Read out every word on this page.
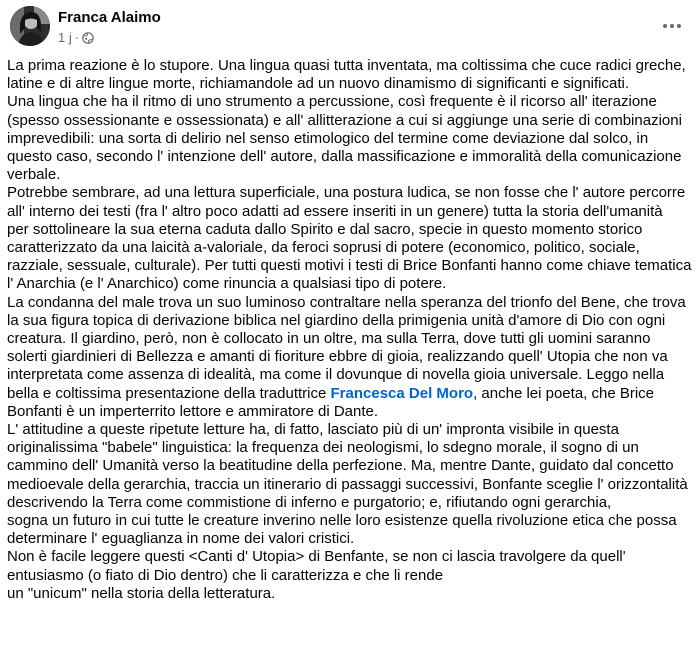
Franca Alaimo
1 j ·
La prima reazione è lo stupore. Una lingua quasi tutta inventata, ma coltissima che cuce radici greche,
latine e di altre lingue morte, richiamandole ad un nuovo dinamismo di significanti e significati.
Una lingua che ha il ritmo di uno strumento a percussione, così frequente è il ricorso all' iterazione
(spesso ossessionante e ossessionata) e all' allitterazione a cui si aggiunge una serie di combinazioni
imprevedibili: una sorta di delirio nel senso etimologico del termine come deviazione dal solco, in
questo caso, secondo l' intenzione dell' autore, dalla massificazione e immoralità della comunicazione
verbale.
Potrebbe sembrare, ad una lettura superficiale, una postura ludica, se non fosse che l' autore percorre
all' interno dei testi (fra l' altro poco adatti ad essere inseriti in un genere) tutta la storia dell'umanità
per sottolineare la sua eterna caduta dallo Spirito e dal sacro, specie in questo momento storico
caratterizzato da una laicità a-valoriale, da feroci soprusi di potere (economico, politico, sociale,
razziale, sessuale, culturale). Per tutti questi motivi i testi di Brice Bonfanti hanno come chiave tematica
l' Anarchia (e l' Anarchico) come rinuncia a qualsiasi tipo di potere.
La condanna del male trova un suo luminoso contraltare nella speranza del trionfo del Bene, che trova
la sua figura topica di derivazione biblica nel giardino della primigenia unità d'amore di Dio con ogni
creatura. Il giardino, però, non è collocato in un oltre, ma sulla Terra, dove tutti gli uomini saranno
solerti giardinieri di Bellezza e amanti di fioriture ebbre di gioia, realizzando quell' Utopia che non va
interpretata come assenza di idealità, ma come il dovunque di novella gioia universale. Leggo nella
bella e coltissima presentazione della traduttrice Francesca Del Moro, anche lei poeta, che Brice
Bonfanti è un imperterrito lettore e ammiratore di Dante.
L' attitudine a queste ripetute letture ha, di fatto, lasciato più di un' impronta visibile in questa
originalissima "babele" linguistica: la frequenza dei neologismi, lo sdegno morale, il sogno di un
cammino dell' Umanità verso la beatitudine della perfezione. Ma, mentre Dante, guidato dal concetto
medioevale della gerarchia, traccia un itinerario di passaggi successivi, Bonfante sceglie l' orizzontalità
descrivendo la Terra come commistione di inferno e purgatorio; e, rifiutando ogni gerarchia,
sogna un futuro in cui tutte le creature inverino nelle loro esistenze quella rivoluzione etica che possa
determinare l' eguaglianza in nome dei valori cristici.
Non è facile leggere questi <Canti d' Utopia> di Benfante, se non ci lascia travolgere da quell'
entusiasmo (o fiato di Dio dentro) che li caratterizza e che li rende
un "unicum" nella storia della letteratura.
